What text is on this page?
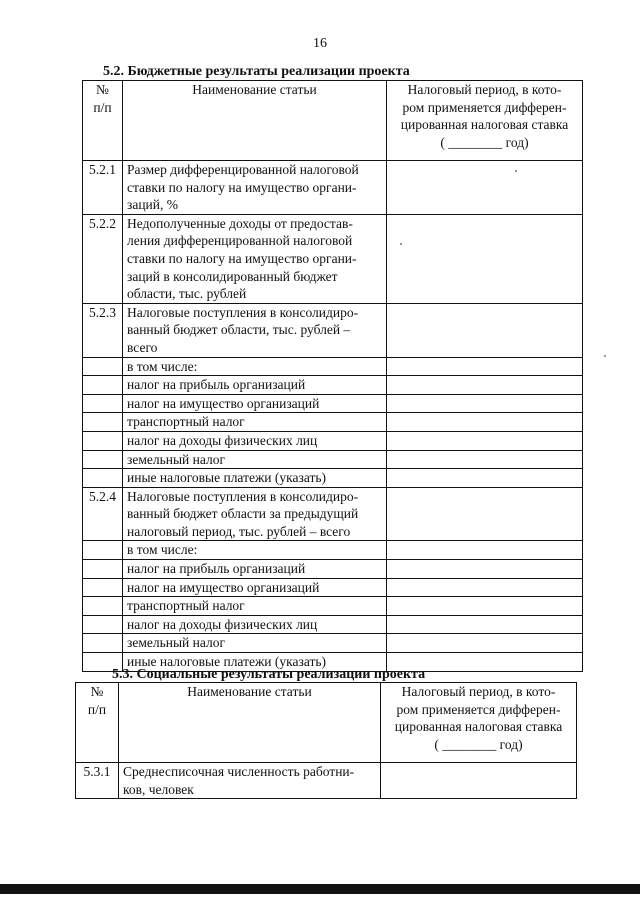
16
5.2. Бюджетные результаты реализации проекта
№
п/п	Наименование статьи	Налоговый период, в кото-
ром применяется дифферен-
цированная налоговая ставка
( ________ год)

5.2.1	Размер дифференцированной налоговой
ставки по налогу на имущество органи-
заций, %	

5.2.2	Недополученные доходы от предостав-
ления дифференцированной налоговой
ставки по налогу на имущество органи-
заций в консолидированный бюджет
области, тыс. рублей	

5.2.3	Налоговые поступления в консолидиро-
ванный бюджет области, тыс. рублей –
всего	

	в том числе:	

	налог на прибыль организаций	

	налог на имущество организаций	

	транспортный налог	

	налог на доходы физических лиц	

	земельный налог	

	иные налоговые платежи (указать)	

5.2.4	Налоговые поступления в консолидиро-
ванный бюджет области за предыдущий
налоговый период, тыс. рублей – всего	

	в том числе:	

	налог на прибыль организаций	

	налог на имущество организаций	

	транспортный налог	

	налог на доходы физических лиц	

	земельный налог	

	иные налоговые платежи (указать)	

5.3. Социальные результаты реализации проекта
№
п/п	Наименование статьи	Налоговый период, в кото-
ром применяется дифферен-
цированная налоговая ставка
( ________ год)

5.3.1	Среднесписочная численность работни-
ков, человек	
